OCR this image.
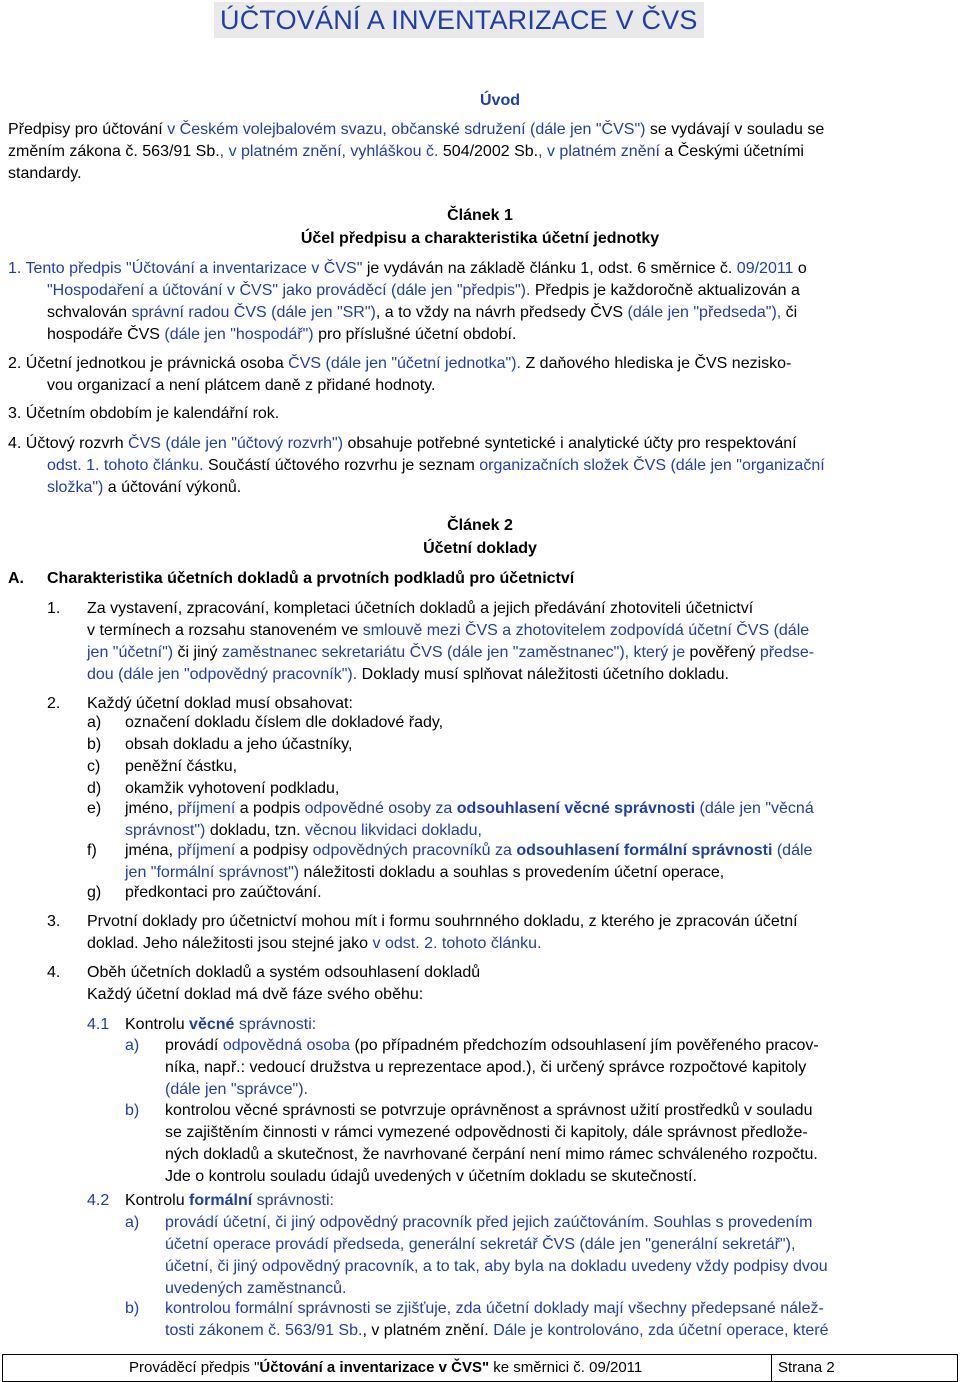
ÚČTOVÁNÍ A INVENTARIZACE V ČVS
Úvod
Předpisy pro účtování v Českém volejbalovém svazu, občanské sdružení (dále jen "ČVS") se vydávají v souladu se
změním zákona č. 563/91 Sb., v platném znění, vyhláškou č. 504/2002 Sb., v platném znění a Českými účetními
standardy.
Článek 1
Účel předpisu a charakteristika účetní jednotky
1. Tento předpis "Účtování a inventarizace v ČVS" je vydáván na základě článku 1, odst. 6 směrnice č. 09/2011 o
"Hospodaření a účtování v ČVS" jako prováděcí (dále jen "předpis"). Předpis je každoročně aktualizován a
schvalován správní radou ČVS (dále jen "SR"), a to vždy na návrh předsedy ČVS (dále jen "předseda"), či
hospodáře ČVS (dále jen "hospodář") pro příslušné účetní období.
2. Účetní jednotkou je právnická osoba ČVS (dále jen "účetní jednotka"). Z daňového hlediska je ČVS nezisko-
vou organizací a není plátcem daně z přidané hodnoty.
3. Účetním obdobím je kalendářní rok.
4. Účtový rozvrh ČVS (dále jen "účtový rozvrh") obsahuje potřebné syntetické i analytické účty pro respektování
odst. 1. tohoto článku. Součástí účtového rozvrhu je seznam organizačních složek ČVS (dále jen "organizační
složka") a účtování výkonů.
Článek 2
Účetní doklady
A. Charakteristika účetních dokladů a prvotních podkladů pro účetnictví
1. Za vystavení, zpracování, kompletaci účetních dokladů a jejich předávání zhotoviteli účetnictví
v termínech a rozsahu stanoveném ve smlouvě mezi ČVS a zhotovitelem zodpovídá účetní ČVS (dále
jen "účetní") či jiný zaměstnanec sekretariátu ČVS (dále jen "zaměstnanec"), který je pověřený předse-
dou (dále jen "odpovědný pracovník"). Doklady musí splňovat náležitosti účetního dokladu.
2. Každý účetní doklad musí obsahovat:
a) označení dokladu číslem dle dokladové řady,
b) obsah dokladu a jeho účastníky,
c) peněžní částku,
d) okamžik vyhotovení podkladu,
e) jméno, příjmení a podpis odpovědné osoby za odsouhlasení věcné správnosti (dále jen "věcná
správnost") dokladu, tzn. věcnou likvidaci dokladu,
f) jména, příjmení a podpisy odpovědných pracovníků za odsouhlasení formální správnosti (dále
jen "formální správnost") náležitosti dokladu a souhlas s provedením účetní operace,
g) předkontaci pro zaúčtování.
3. Prvotní doklady pro účetnictví mohou mít i formu souhrnného dokladu, z kterého je zpracován účetní
doklad. Jeho náležitosti jsou stejné jako v odst. 2. tohoto článku.
4. Oběh účetních dokladů a systém odsouhlasení dokladů
Každý účetní doklad má dvě fáze svého oběhu:
4.1 Kontrolu věcné správnosti:
a) provádí odpovědná osoba (po případném předchozím odsouhlasení jím pověřeného pracov-
níka, např.: vedoucí družstva u reprezentace apod.), či určený správce rozpočtové kapitoly
(dále jen "správce").
b) kontrolou věcné správnosti se potvrzuje oprávněnost a správnost užití prostředků v souladu
se zajištěním činnosti v rámci vymezené odpovědnosti či kapitoly, dále správnost předlože-
ných dokladů a skutečnost, že navrhované čerpání není mimo rámec schváleného rozpočtu.
Jde o kontrolu souladu údajů uvedených v účetním dokladu se skutečností.
4.2 Kontrolu formální správnosti:
a) provádí účetní, či jiný odpovědný pracovník před jejich zaúčtováním. Souhlas s provedením
účetní operace provádí předseda, generální sekretář ČVS (dále jen "generální sekretář"),
účetní, či jiný odpovědný pracovník, a to tak, aby byla na dokladu uvedeny vždy podpisy dvou
uvedených zaměstnanců.
b) kontrolou formální správnosti se zjišťuje, zda účetní doklady mají všechny předepsané nálež-
tosti zákonem č. 563/91 Sb., v platném znění. Dále je kontrolováno, zda účetní operace, které
Prováděcí předpis "Účtování a inventarizace v ČVS" ke směrnici č. 09/2011	Strana 2
